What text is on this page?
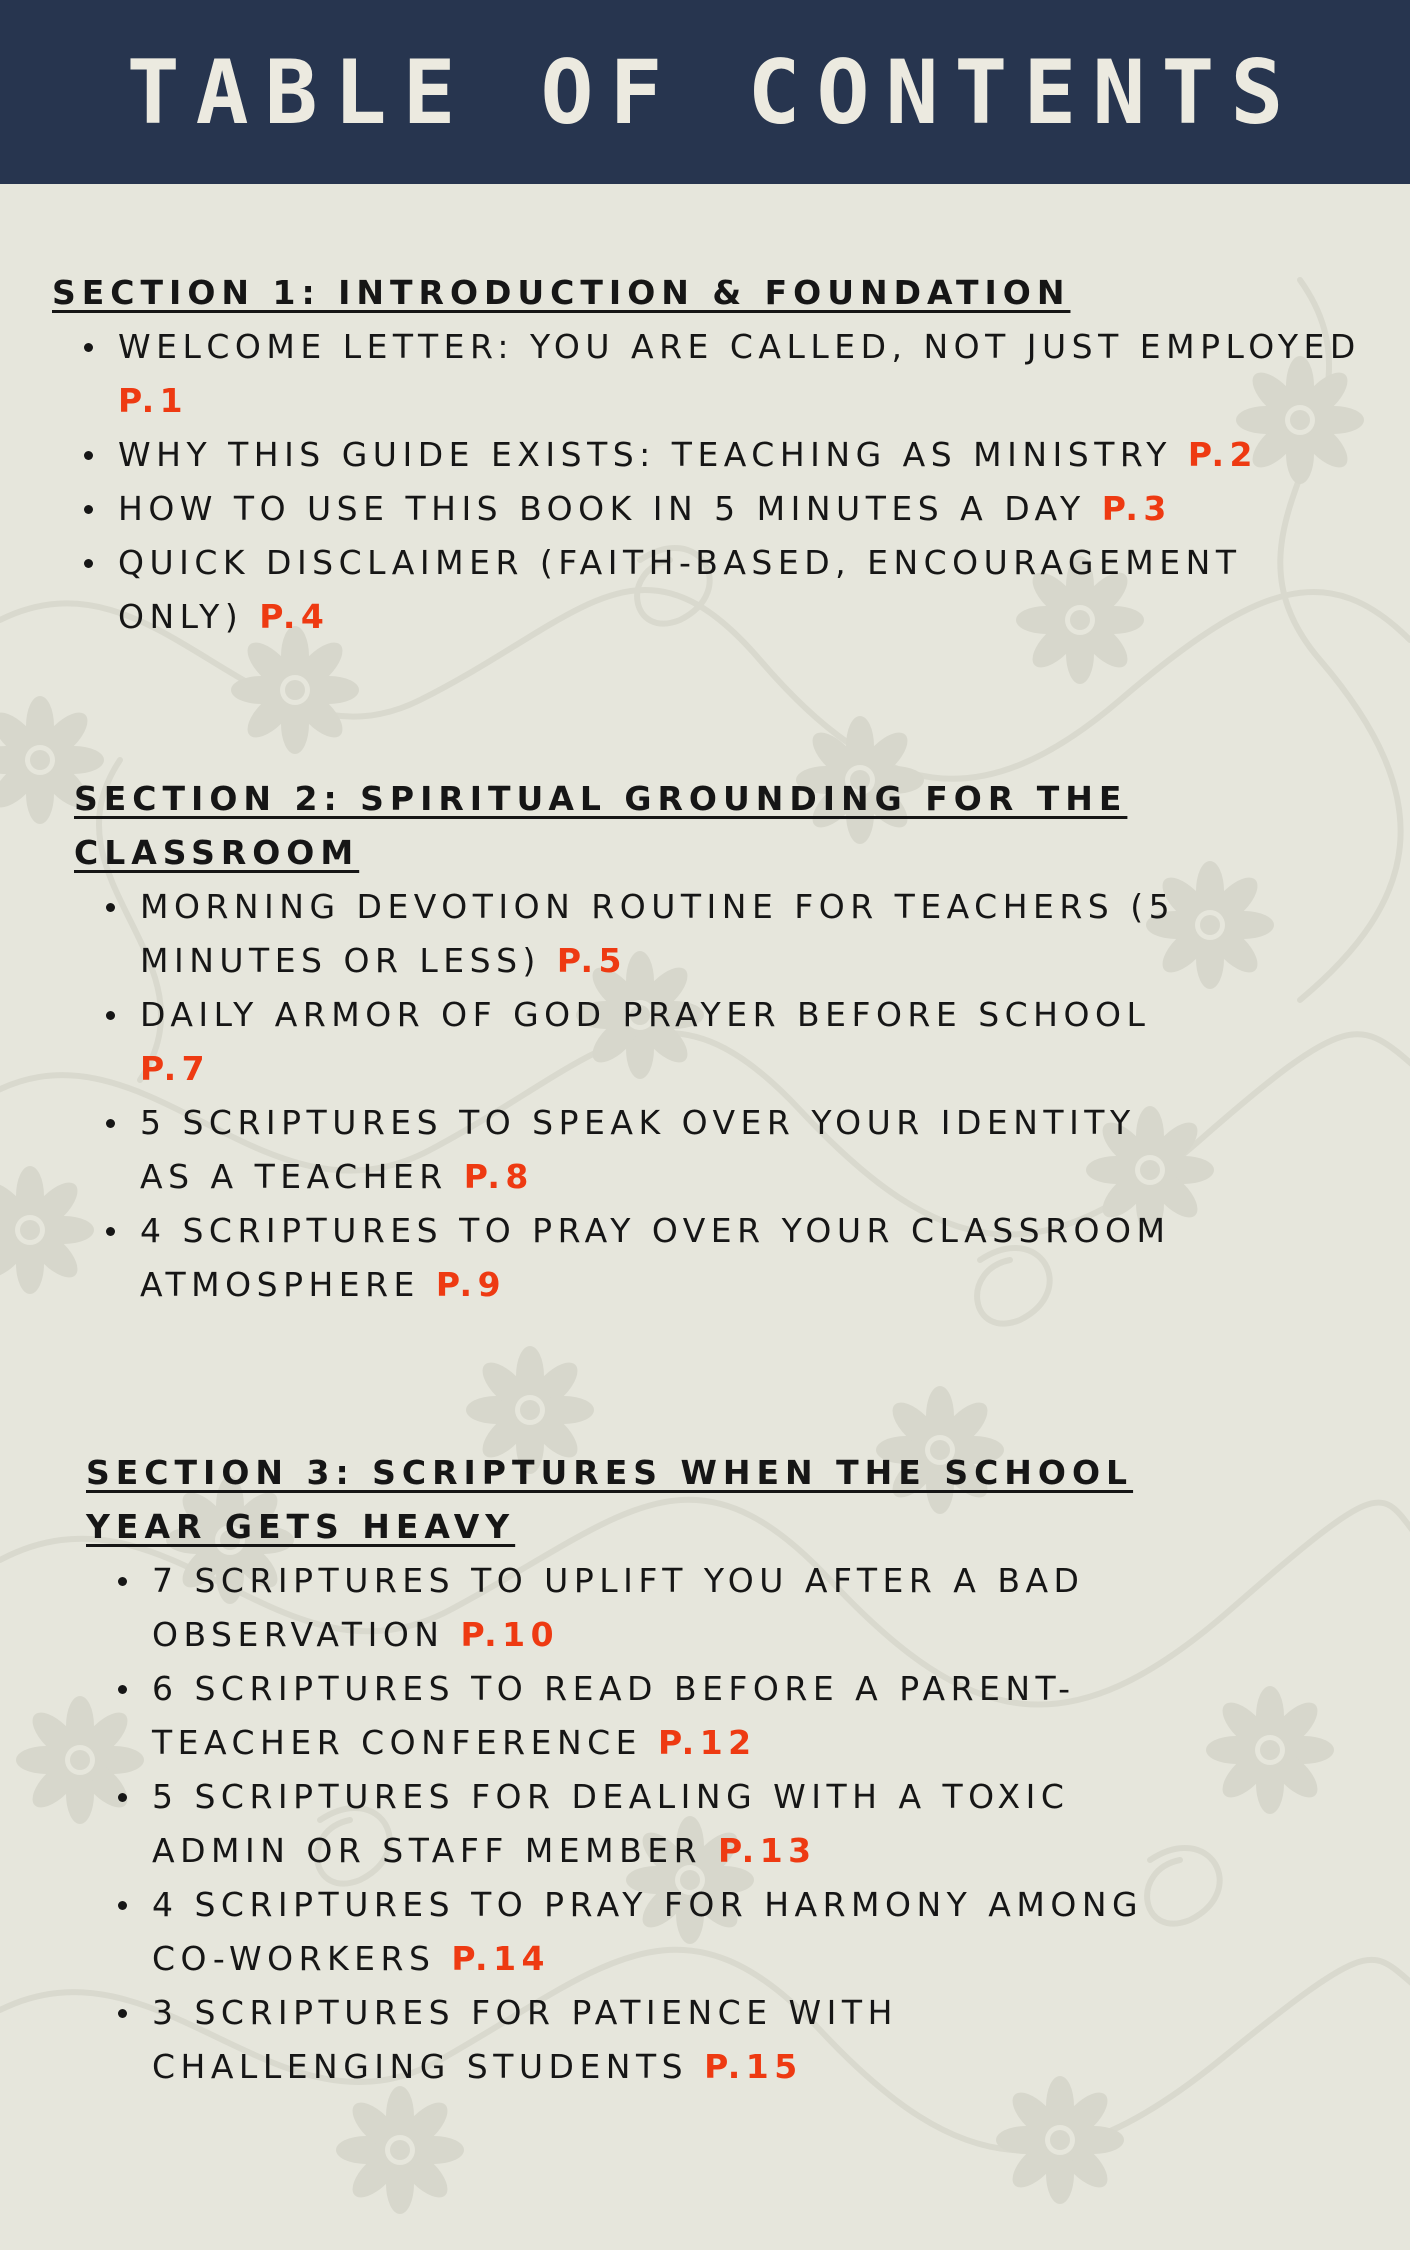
TABLE OF CONTENTS
SECTION 1: INTRODUCTION & FOUNDATION
WELCOME LETTER: YOU ARE CALLED, NOT JUST EMPLOYED P.1
WHY THIS GUIDE EXISTS: TEACHING AS MINISTRY P.2
HOW TO USE THIS BOOK IN 5 MINUTES A DAY P.3
QUICK DISCLAIMER (FAITH-BASED, ENCOURAGEMENT ONLY) P.4
SECTION 2: SPIRITUAL GROUNDING FOR THE CLASSROOM
MORNING DEVOTION ROUTINE FOR TEACHERS (5 MINUTES OR LESS) P.5
DAILY ARMOR OF GOD PRAYER BEFORE SCHOOL P.7
5 SCRIPTURES TO SPEAK OVER YOUR IDENTITY AS A TEACHER P.8
4 SCRIPTURES TO PRAY OVER YOUR CLASSROOM ATMOSPHERE P.9
SECTION 3: SCRIPTURES WHEN THE SCHOOL YEAR GETS HEAVY
7 SCRIPTURES TO UPLIFT YOU AFTER A BAD OBSERVATION P.10
6 SCRIPTURES TO READ BEFORE A PARENT-TEACHER CONFERENCE P.12
5 SCRIPTURES FOR DEALING WITH A TOXIC ADMIN OR STAFF MEMBER P.13
4 SCRIPTURES TO PRAY FOR HARMONY AMONG CO-WORKERS P.14
3 SCRIPTURES FOR PATIENCE WITH CHALLENGING STUDENTS P.15
